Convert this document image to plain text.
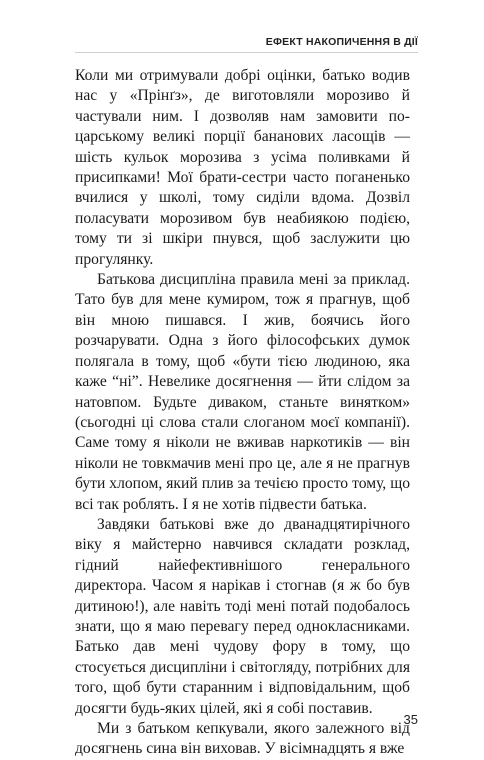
ЕФЕКТ НАКОПИЧЕННЯ В ДІЇ

Коли ми отримували добрі оцінки, батько водив нас у «Прінґз», де виготовляли морозиво й частували ним. І дозволяв нам замовити по-царському великі порції бананових ласощів — шість кульок морозива з усіма поливками й присипками! Мої брати-сестри часто поганенько вчилися у школі, тому сиділи вдома. Дозвіл поласувати морозивом був неабиякою подією, тому ти зі шкіри пнувся, щоб заслужити цю прогулянку.

Батькова дисципліна правила мені за приклад. Тато був для мене кумиром, тож я прагнув, щоб він мною пишався. І жив, боячись його розчарувати. Одна з його філософських думок полягала в тому, щоб «бути тією людиною, яка каже “ні”. Невелике досягнення — йти слідом за натовпом. Будьте диваком, станьте винятком» (сьогодні ці слова стали слоганом моєї компанії). Саме тому я ніколи не вживав наркотиків — він ніколи не товкмачив мені про це, але я не прагнув бути хлопом, який плив за течією просто тому, що всі так роблять. І я не хотів підвести батька.

Завдяки батькові вже до дванадцятирічного віку я майстерно навчився складати розклад, гідний найефективнішого генерального директора. Часом я нарікав і стогнав (я ж бо був дитиною!), але навіть тоді мені потай подобалось знати, що я маю перевагу перед однокласниками. Батько дав мені чудову фору в тому, що стосується дисципліни і світогляду, потрібних для того, щоб бути старанним і відповідальним, щоб досягти будь-яких цілей, які я собі поставив.

Ми з батьком кепкували, якого залежного від досягнень сина він виховав. У вісімнадцять я вже

35
